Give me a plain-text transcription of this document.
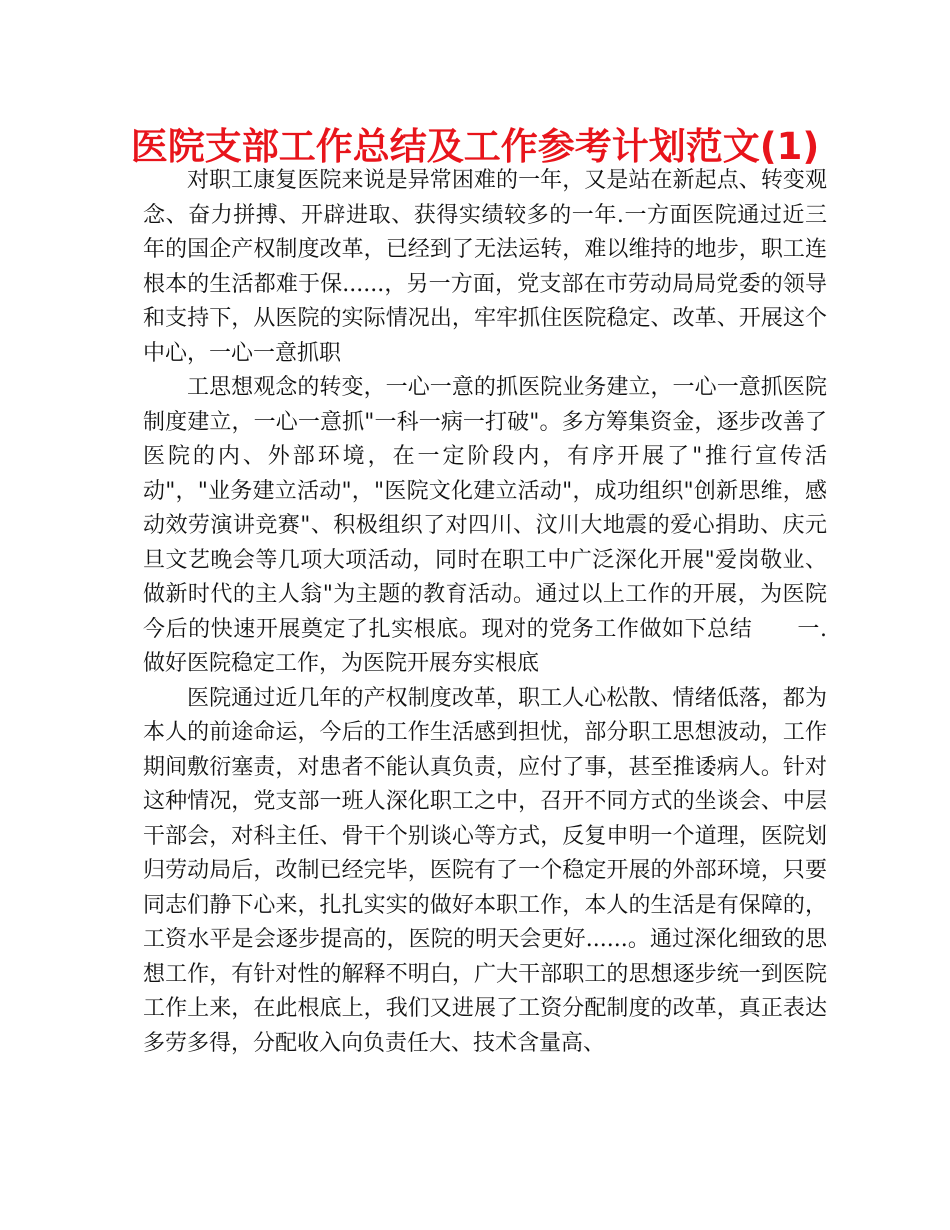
医院支部工作总结及工作参考计划范文(1)

对职工康复医院来说是异常困难的一年，又是站在新起点、转变观念、奋力拼搏、开辟进取、获得实绩较多的一年.一方面医院通过近三年的国企产权制度改革，已经到了无法运转，难以维持的地步，职工连根本的生活都难于保......，另一方面，党支部在市劳动局局党委的领导和支持下，从医院的实际情况出，牢牢抓住医院稳定、改革、开展这个中心，一心一意抓职

工思想观念的转变，一心一意的抓医院业务建立，一心一意抓医院制度建立，一心一意抓"一科一病一打破"。多方筹集资金，逐步改善了医院的内、外部环境，在一定阶段内，有序开展了"推行宣传活动"，"业务建立活动"，"医院文化建立活动"，成功组织"创新思维，感动效劳演讲竞赛"、积极组织了对四川、汶川大地震的爱心捐助、庆元旦文艺晚会等几项大项活动，同时在职工中广泛深化开展"爱岗敬业、做新时代的主人翁"为主题的教育活动。通过以上工作的开展，为医院今后的快速开展奠定了扎实根底。现对的党务工作做如下总结　　一.做好医院稳定工作，为医院开展夯实根底

医院通过近几年的产权制度改革，职工人心松散、情绪低落，都为本人的前途命运，今后的工作生活感到担忧，部分职工思想波动，工作期间敷衍塞责，对患者不能认真负责，应付了事，甚至推诿病人。针对这种情况，党支部一班人深化职工之中，召开不同方式的坐谈会、中层干部会，对科主任、骨干个别谈心等方式，反复申明一个道理，医院划归劳动局后，改制已经完毕，医院有了一个稳定开展的外部环境，只要同志们静下心来，扎扎实实的做好本职工作，本人的生活是有保障的，工资水平是会逐步提高的，医院的明天会更好......。通过深化细致的思想工作，有针对性的解释不明白，广大干部职工的思想逐步统一到医院工作上来，在此根底上，我们又进展了工资分配制度的改革，真正表达多劳多得，分配收入向负责任大、技术含量高、
